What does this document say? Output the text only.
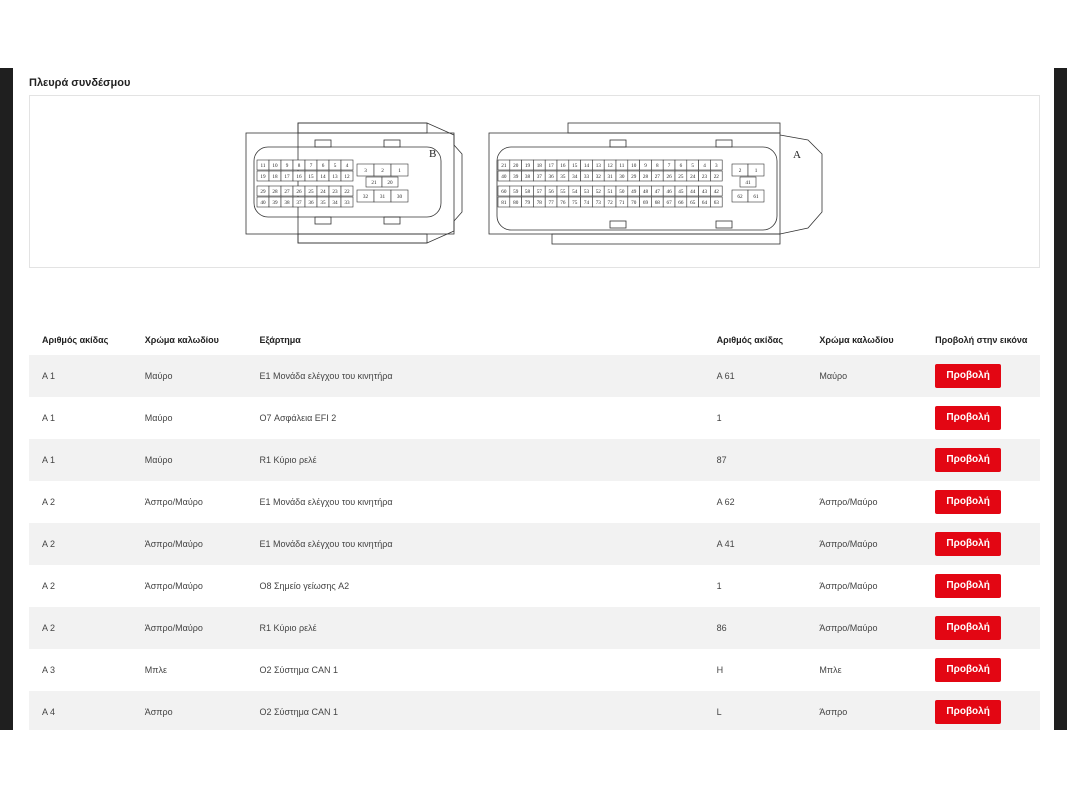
Πλευρά συνδέσμου
11 10 9 8 7 6 5 4
19 18 17 16 15 14 13 12
29 28 27 26 25 24 23 22
40 39 38 37 36 35 34 33
3	2	1
21 20
32 31 30
21 20 19 18 17 16 15 14 13 12 11 10 9 8 7 6 5 4 3
40 39 38 37 36 35 34 33 32 31 30 29 28 27 26 25 24 23 22
60 59 58 57 56 55 54 53 52 51 50 49 48 47 46 45 44 43 42
81 80 79 78 77 76 75 74 73 72 71 70 69 68 67 66 65 64 63
2	1
41
62 61
B	A
Αριθμός ακίδας	Χρώμα καλωδίου	Εξάρτημα	Αριθμός ακίδας	Χρώμα καλωδίου	Προβολή στην εικόνα
A 1	Μαύρο	E1 Μονάδα ελέγχου του κινητήρα	A 61	Μαύρο	Προβολή
A 1	Μαύρο	O7 Ασφάλεια EFI 2	1		Προβολή
A 1	Μαύρο	R1 Κύριο ρελέ	87		Προβολή
A 2	Άσπρο/Μαύρο	E1 Μονάδα ελέγχου του κινητήρα	A 62	Άσπρο/Μαύρο	Προβολή
A 2	Άσπρο/Μαύρο	E1 Μονάδα ελέγχου του κινητήρα	A 41	Άσπρο/Μαύρο	Προβολή
A 2	Άσπρο/Μαύρο	O8 Σημείο γείωσης A2	1	Άσπρο/Μαύρο	Προβολή
A 2	Άσπρο/Μαύρο	R1 Κύριο ρελέ	86	Άσπρο/Μαύρο	Προβολή
A 3	Μπλε	O2 Σύστημα CAN 1	H	Μπλε	Προβολή
A 4	Άσπρο	O2 Σύστημα CAN 1	L	Άσπρο	Προβολή
